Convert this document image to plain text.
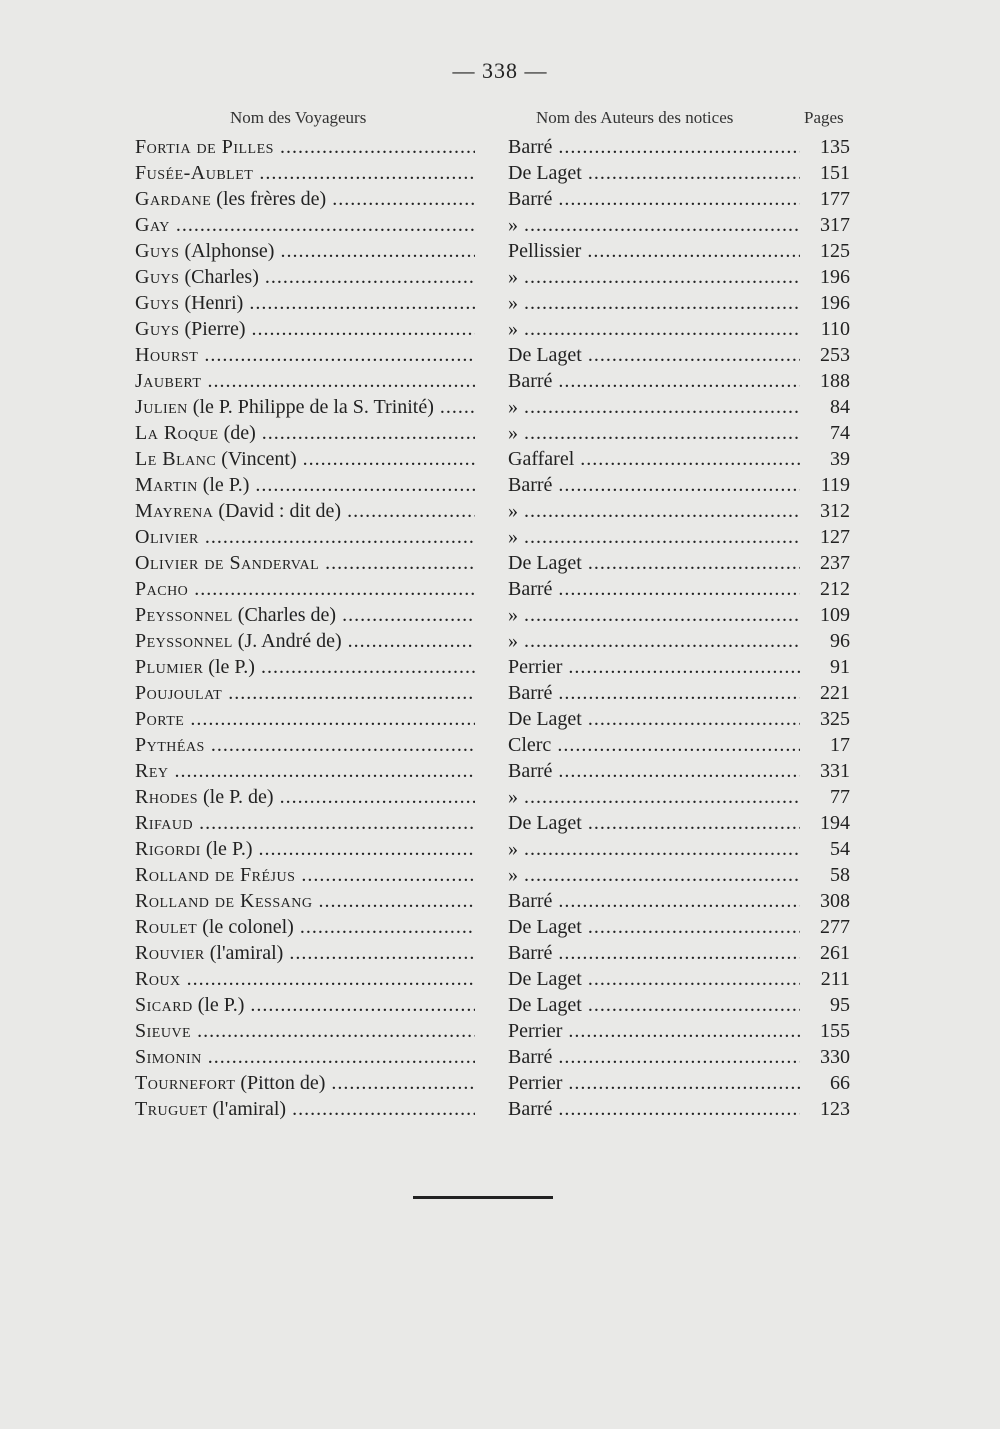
— 338 —
Nom des Voyageurs	Nom des Auteurs des notices	Pages
Fortia de Pilles .....	Barré .....	135
Fusée-Aublet .....	De Laget .....	151
Gardane (les frères de) .....	Barré .....	177
Gay .....	» .....	317
Guys (Alphonse) .....	Pellissier .....	125
Guys (Charles) .....	» .....	196
Guys (Henri) .....	» .....	196
Guys (Pierre) .....	» .....	110
Hourst .....	De Laget .....	253
Jaubert .....	Barré .....	188
Julien (le P. Philippe de la S. Trinité) .....	» .....	84
La Roque (de) .....	» .....	74
Le Blanc (Vincent) .....	Gaffarel .....	39
Martin (le P.) .....	Barré .....	119
Mayrena (David : dit de) .....	» .....	312
Olivier .....	» .....	127
Olivier de Sanderval .....	De Laget .....	237
Pacho .....	Barré .....	212
Peyssonnel (Charles de) .....	» .....	109
Peyssonnel (J. André de) .....	» .....	96
Plumier (le P.) .....	Perrier .....	91
Poujoulat .....	Barré .....	221
Porte .....	De Laget .....	325
Pythéas .....	Clerc .....	17
Rey .....	Barré .....	331
Rhodes (le P. de) .....	» .....	77
Rifaud .....	De Laget .....	194
Rigordi (le P.) .....	» .....	54
Rolland de Fréjus .....	» .....	58
Rolland de Kessang .....	Barré .....	308
Roulet (le colonel) .....	De Laget .....	277
Rouvier (l'amiral) .....	Barré .....	261
Roux .....	De Laget .....	211
Sicard (le P.) .....	De Laget .....	95
Sieuve .....	Perrier .....	155
Simonin .....	Barré .....	330
Tournefort (Pitton de) .....	Perrier .....	66
Truguet (l'amiral) .....	Barré .....	123
